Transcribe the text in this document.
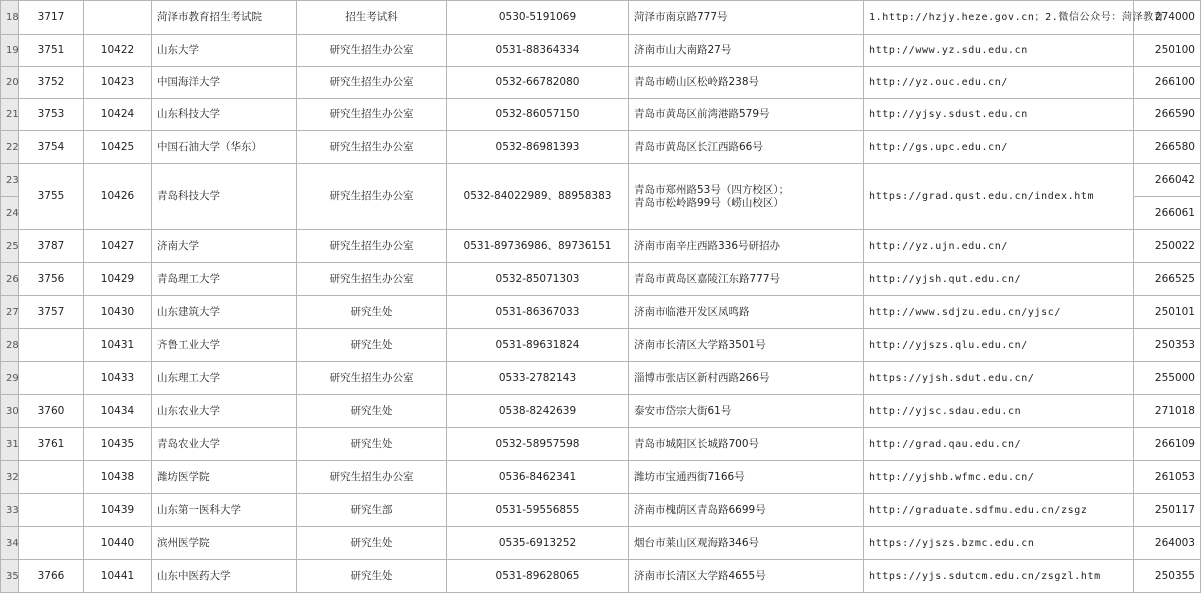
18	3717		菏泽市教育招生考试院	招生考试科	0530-5191069	菏泽市南京路777号	1.http://hzjy.heze.gov.cn；2.微信公众号：菏泽教育	274000
19	3751	10422	山东大学	研究生招生办公室	0531-88364334	济南市山大南路27号	http://www.yz.sdu.edu.cn	250100
20	3752	10423	中国海洋大学	研究生招生办公室	0532-66782080	青岛市崂山区松岭路238号	http://yz.ouc.edu.cn/	266100
21	3753	10424	山东科技大学	研究生招生办公室	0532-86057150	青岛市黄岛区前湾港路579号	http://yjsy.sdust.edu.cn	266590
22	3754	10425	中国石油大学（华东）	研究生招生办公室	0532-86981393	青岛市黄岛区长江西路66号	http://gs.upc.edu.cn/	266580
23	3755	10426	青岛科技大学	研究生招生办公室	0532-84022989、88958383	青岛市郑州路53号（四方校区）；
青岛市松岭路99号（崂山校区）	https://grad.qust.edu.cn/index.htm	266042
24								266061
25	3787	10427	济南大学	研究生招生办公室	0531-89736986、89736151	济南市南辛庄西路336号研招办	http://yz.ujn.edu.cn/	250022
26	3756	10429	青岛理工大学	研究生招生办公室	0532-85071303	青岛市黄岛区嘉陵江东路777号	http://yjsh.qut.edu.cn/	266525
27	3757	10430	山东建筑大学	研究生处	0531-86367033	济南市临港开发区凤鸣路	http://www.sdjzu.edu.cn/yjsc/	250101
28		10431	齐鲁工业大学	研究生处	0531-89631824	济南市长清区大学路3501号	http://yjszs.qlu.edu.cn/	250353
29		10433	山东理工大学	研究生招生办公室	0533-2782143	淄博市张店区新村西路266号	https://yjsh.sdut.edu.cn/	255000
30	3760	10434	山东农业大学	研究生处	0538-8242639	泰安市岱宗大街61号	http://yjsc.sdau.edu.cn	271018
31	3761	10435	青岛农业大学	研究生处	0532-58957598	青岛市城阳区长城路700号	http://grad.qau.edu.cn/	266109
32		10438	潍坊医学院	研究生招生办公室	0536-8462341	潍坊市宝通西街7166号	http://yjshb.wfmc.edu.cn/	261053
33		10439	山东第一医科大学	研究生部	0531-59556855	济南市槐荫区青岛路6699号	http://graduate.sdfmu.edu.cn/zsgz	250117
34		10440	滨州医学院	研究生处	0535-6913252	烟台市莱山区观海路346号	https://yjszs.bzmc.edu.cn	264003
35	3766	10441	山东中医药大学	研究生处	0531-89628065	济南市长清区大学路4655号	https://yjs.sdutcm.edu.cn/zsgzl.htm	250355
